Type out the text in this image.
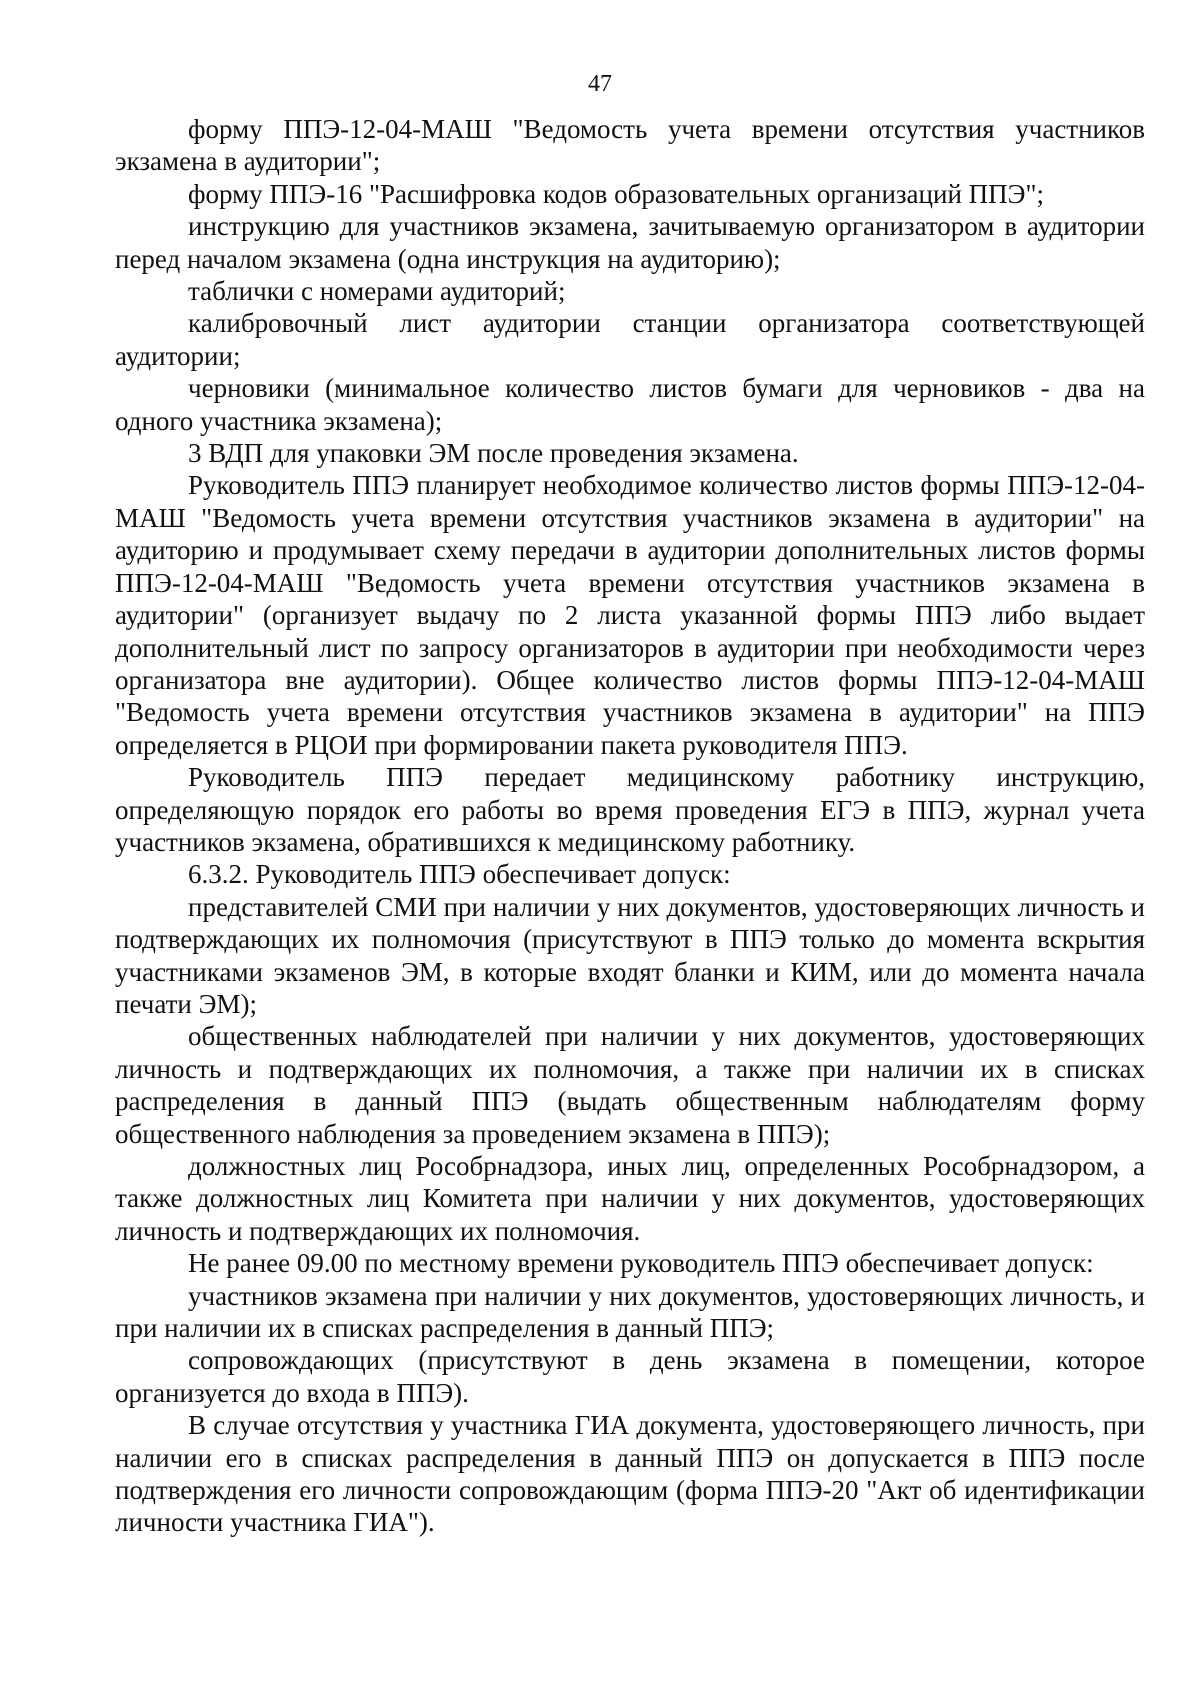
47

форму ППЭ-12-04-МАШ "Ведомость учета времени отсутствия участников экзамена в аудитории";

форму ППЭ-16 "Расшифровка кодов образовательных организаций ППЭ";

инструкцию для участников экзамена, зачитываемую организатором в аудитории перед началом экзамена (одна инструкция на аудиторию);

таблички с номерами аудиторий;

калибровочный лист аудитории станции организатора соответствующей аудитории;

черновики (минимальное количество листов бумаги для черновиков - два на одного участника экзамена);

3 ВДП для упаковки ЭМ после проведения экзамена.

Руководитель ППЭ планирует необходимое количество листов формы ППЭ-12-04-МАШ "Ведомость учета времени отсутствия участников экзамена в аудитории" на аудиторию и продумывает схему передачи в аудитории дополнительных листов формы ППЭ-12-04-МАШ "Ведомость учета времени отсутствия участников экзамена в аудитории" (организует выдачу по 2 листа указанной формы ППЭ либо выдает дополнительный лист по запросу организаторов в аудитории при необходимости через организатора вне аудитории). Общее количество листов формы ППЭ-12-04-МАШ "Ведомость учета времени отсутствия участников экзамена в аудитории" на ППЭ определяется в РЦОИ при формировании пакета руководителя ППЭ.

Руководитель ППЭ передает медицинскому работнику инструкцию, определяющую порядок его работы во время проведения ЕГЭ в ППЭ, журнал учета участников экзамена, обратившихся к медицинскому работнику.

6.3.2. Руководитель ППЭ обеспечивает допуск:

представителей СМИ при наличии у них документов, удостоверяющих личность и подтверждающих их полномочия (присутствуют в ППЭ только до момента вскрытия участниками экзаменов ЭМ, в которые входят бланки и КИМ, или до момента начала печати ЭМ);

общественных наблюдателей при наличии у них документов, удостоверяющих личность и подтверждающих их полномочия, а также при наличии их в списках распределения в данный ППЭ (выдать общественным наблюдателям форму общественного наблюдения за проведением экзамена в ППЭ);

должностных лиц Рособрнадзора, иных лиц, определенных Рособрнадзором, а также должностных лиц Комитета при наличии у них документов, удостоверяющих личность и подтверждающих их полномочия.

Не ранее 09.00 по местному времени руководитель ППЭ обеспечивает допуск:

участников экзамена при наличии у них документов, удостоверяющих личность, и при наличии их в списках распределения в данный ППЭ;

сопровождающих (присутствуют в день экзамена в помещении, которое организуется до входа в ППЭ).

В случае отсутствия у участника ГИА документа, удостоверяющего личность, при наличии его в списках распределения в данный ППЭ он допускается в ППЭ после подтверждения его личности сопровождающим (форма ППЭ-20 "Акт об идентификации личности участника ГИА").
